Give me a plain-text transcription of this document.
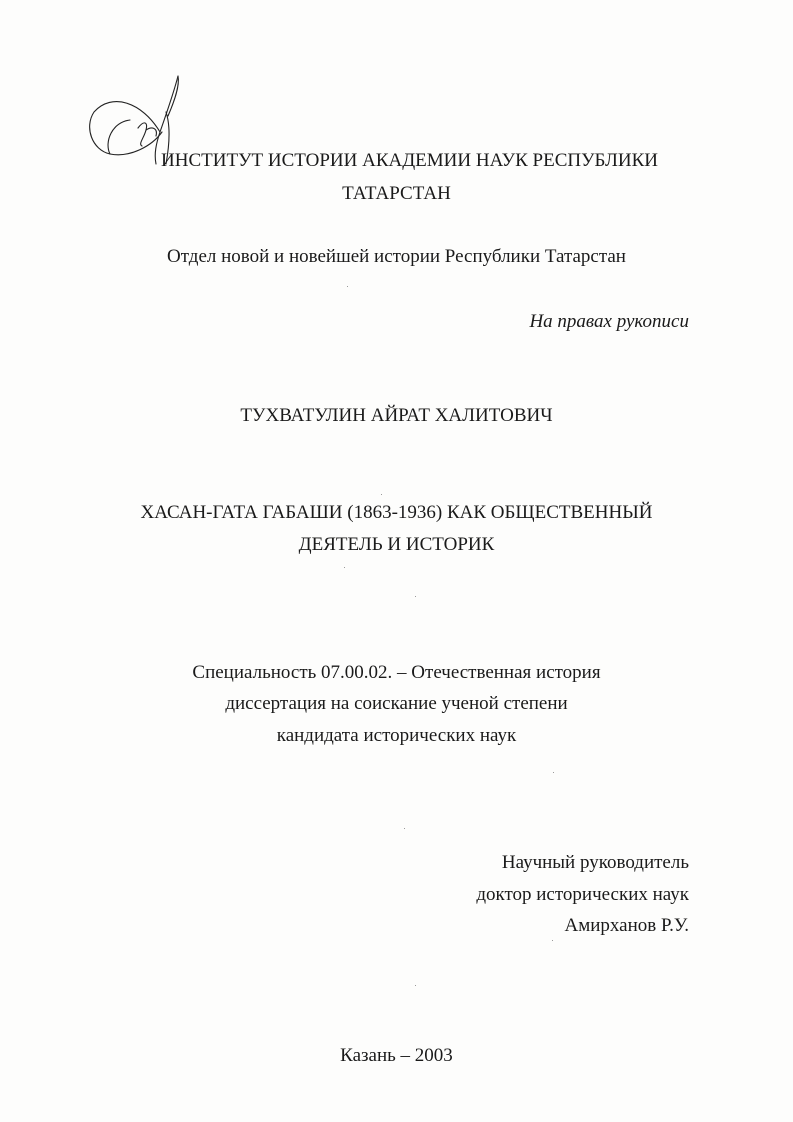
ИНСТИТУТ ИСТОРИИ АКАДЕМИИ НАУК РЕСПУБЛИКИ
ТАТАРСТАН
Отдел новой и новейшей истории Республики Татарстан
На правах рукописи
ТУХВАТУЛИН АЙРАТ ХАЛИТОВИЧ
ХАСАН-ГАТА ГАБАШИ (1863-1936) КАК ОБЩЕСТВЕННЫЙ
ДЕЯТЕЛЬ И ИСТОРИК
Специальность 07.00.02. – Отечественная история
диссертация на соискание ученой степени
кандидата исторических наук
Научный руководитель
доктор исторических наук
Амирханов Р.У.
Казань – 2003
